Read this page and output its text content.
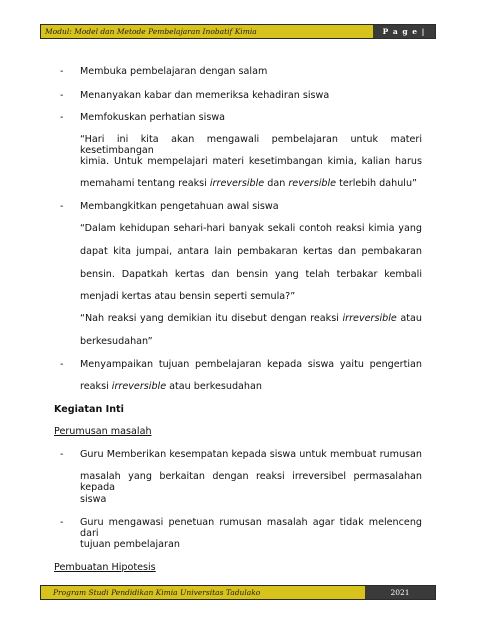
Modul: Model dan Metode Pembelajaran Inobatif Kimia	P a g e | 162
- Membuka pembelajaran dengan salam
- Menanyakan kabar dan memeriksa kehadiran siswa
- Memfokuskan perhatian siswa
“Hari ini kita akan mengawali pembelajaran untuk materi kesetimbangan
kimia. Untuk mempelajari materi kesetimbangan kimia, kalian harus
memahami tentang reaksi irreversible dan reversible terlebih dahulu”
- Membangkitkan pengetahuan awal siswa
“Dalam kehidupan sehari-hari banyak sekali contoh reaksi kimia yang
dapat kita jumpai, antara lain pembakaran kertas dan pembakaran
bensin. Dapatkah kertas dan bensin yang telah terbakar kembali
menjadi kertas atau bensin seperti semula?”
“Nah reaksi yang demikian itu disebut dengan reaksi irreversible atau
berkesudahan”
- Menyampaikan tujuan pembelajaran kepada siswa yaitu pengertian
reaksi irreversible atau berkesudahan
Kegiatan Inti
Perumusan masalah
- Guru Memberikan kesempatan kepada siswa untuk membuat rumusan
masalah yang berkaitan dengan reaksi irreversibel permasalahan kepada
siswa
- Guru mengawasi penetuan rumusan masalah agar tidak melenceng dari
tujuan pembelajaran
Pembuatan Hipotesis
Program Studi Pendidikan Kimia Universitas Tadulako	2021
